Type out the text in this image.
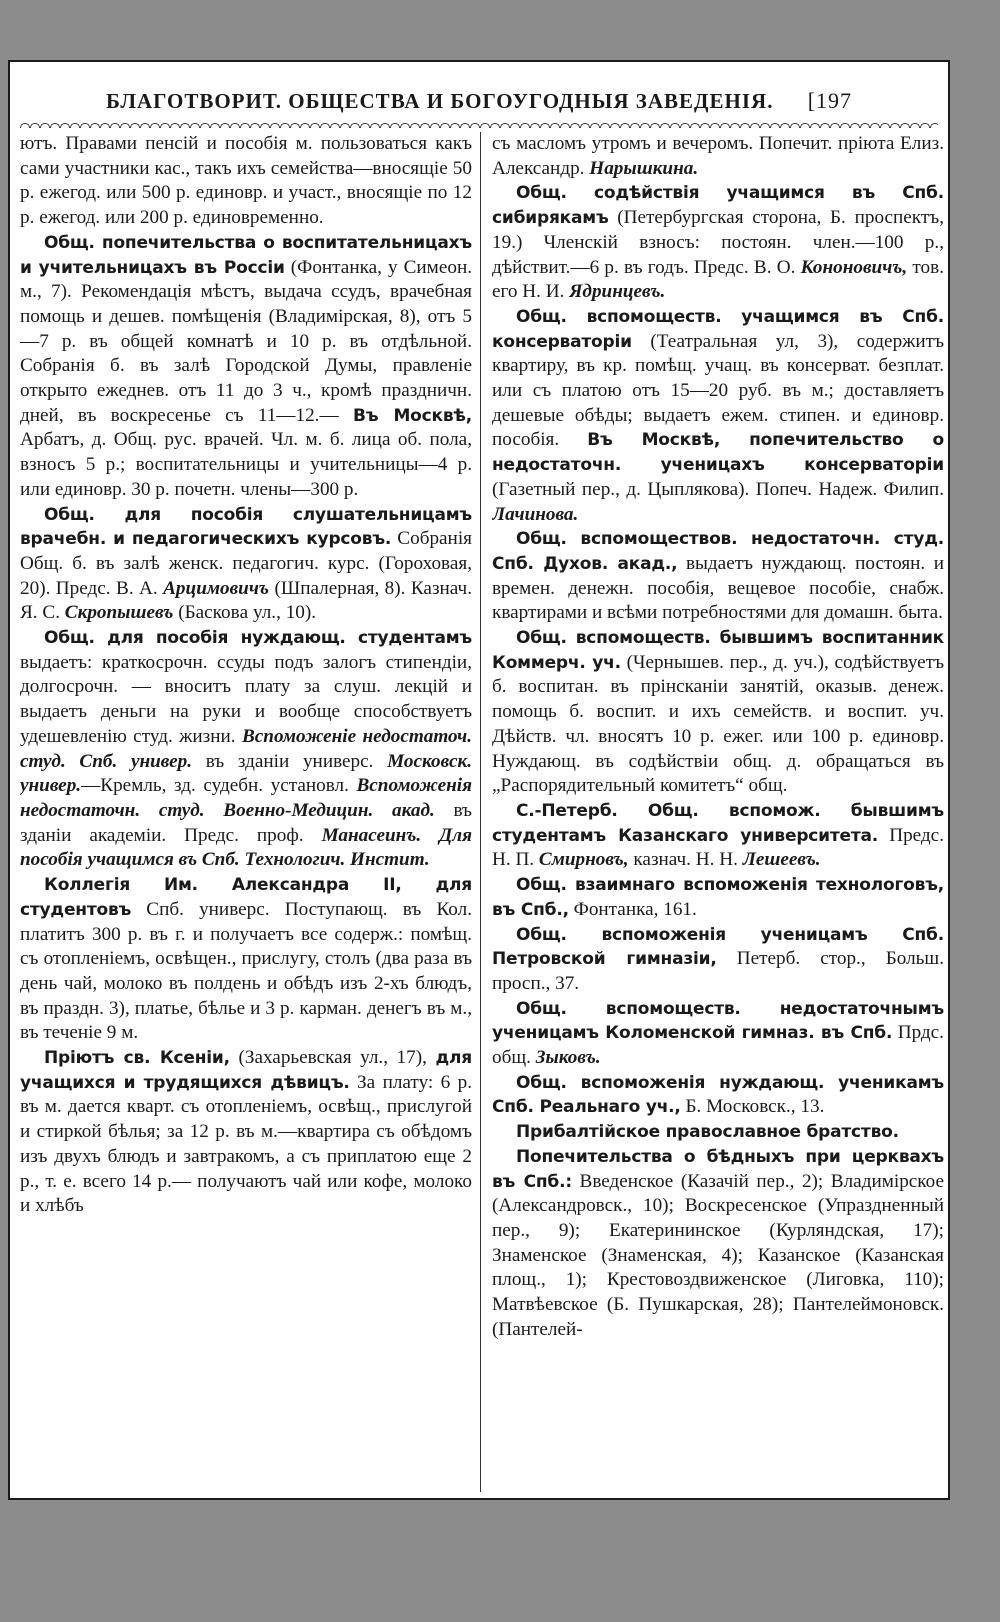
БЛАГОТВОРИТ. ОБЩЕСТВА И БОГОУГОДНЫЯ ЗАВЕДЕНІЯ. [197

ютъ. Правами пенсій и пособія м. пользоваться какъ сами участники кас., такъ ихъ семейства—вносящіе 50 р. ежегод. или 500 р. единовр. и участ., вносящіе по 12 р. ежегод. или 200 р. единовременно.

Общ. попечительства о воспитательницахъ и учительницахъ въ Россіи (Фонтанка, у Симеон. м., 7). Рекомендація мѣстъ, выдача ссудъ, врачебная помощь и дешев. помѣщенія (Владимірская, 8), отъ 5—7 р. въ общей комнатѣ и 10 р. въ отдѣльной. Собранія б. въ залѣ Городской Думы, правленіе открыто ежеднев. отъ 11 до 3 ч., кромѣ праздничн. дней, въ воскресенье съ 11—12.— Въ Москвѣ, Арбатъ, д. Общ. рус. врачей. Чл. м. б. лица об. пола, взносъ 5 р.; воспитательницы и учительницы—4 р. или единовр. 30 р. почетн. члены—300 р.

Общ. для пособія слушательницамъ врачебн. и педагогическихъ курсовъ. Собранія Общ. б. въ залѣ женск. педагогич. курс. (Гороховая, 20). Предс. В. А. Арцимовичъ (Шпалерная, 8). Казнач. Я. С. Скропышевъ (Басковa ул., 10).

Общ. для пособія нуждающ. студентамъ выдаетъ: краткосрочн. ссуды подъ залогъ стипендіи, долгосрочн. — вноситъ плату за слуш. лекцій и выдаетъ деньги на руки и вообще способствуетъ удешевленію студ. жизни. Вспоможеніе недостаточ. студ. Спб. универ. въ зданіи универс. Московск. универ.—Кремль, зд. судебн. установл. Вспоможенія недостаточн. студ. Военно-Медицин. акад. въ зданіи академіи. Предс. проф. Манасеинъ. Для пособія учащимся въ Спб. Технологич. Инстит.

Коллегія Им. Александра II, для студентовъ Спб. универс. Поступающ. въ Кол. платитъ 300 р. въ г. и получаетъ все содерж.: помѣщ. съ отопленіемъ, освѣщен., прислугу, столъ (два раза въ день чай, молоко въ полдень и обѣдъ изъ 2-хъ блюдъ, въ праздн. 3), платье, бѣлье и 3 р. карман. денегъ въ м., въ теченіе 9 м.

Пріютъ св. Ксеніи, (Захарьевская ул., 17), для учащихся и трудящихся дѣвицъ. За плату: 6 р. въ м. дается кварт. съ отопленіемъ, освѣщ., прислугой и стиркой бѣлья; за 12 р. въ м.—квартира съ обѣдомъ изъ двухъ блюдъ и завтракомъ, а съ приплатою еще 2 р., т. е. всего 14 р.— получаютъ чай или кофе, молоко и хлѣбъ

съ масломъ утромъ и вечеромъ. Попечит. пріюта Елиз. Александр. Нарышкина.

Общ. содѣйствія учащимся въ Спб. сибирякамъ (Петербургская сторона, Б. проспектъ, 19.) Членскій взносъ: постоян. член.—100 р., дѣйствит.—6 р. въ годъ. Предс. В. О. Кононовичъ, тов. его Н. И. Ядринцевъ.

Общ. вспомоществ. учащимся въ Спб. консерваторіи (Театральная ул, 3), содержитъ квартиру, въ кр. помѣщ. учащ. въ консерват. безплат. или съ платою отъ 15—20 руб. въ м.; доставляетъ дешевые обѣды; выдаетъ ежем. стипен. и единовр. пособія. Въ Москвѣ, попечительство о недостаточн. ученицахъ консерваторіи (Газетный пер., д. Цыплякова). Попеч. Надеж. Филип. Лачинова.

Общ. вспомоществов. недостаточн. студ. Спб. Духов. акад., выдаетъ нуждающ. постоян. и времен. денежн. пособія, вещевое пособіе, снабж. квартирами и всѣми потребностями для домашн. быта.

Общ. вспомоществ. бывшимъ воспитанник Коммерч. уч. (Чернышев. пер., д. уч.), содѣйствуетъ б. воспитан. въ прінсканіи занятій, оказыв. денеж. помощь б. воспит. и ихъ семейств. и воспит. уч. Дѣйств. чл. вносятъ 10 р. ежег. или 100 р. единовр. Нуждающ. въ содѣйствіи общ. д. обращаться въ „Распорядительный комитетъ“ общ.

С.-Петерб. Общ. вспомож. бывшимъ студентамъ Казанскаго университета. Предс. Н. П. Смирновъ, казнач. Н. Н. Лешеевъ.

Общ. взаимнаго вспоможенія технологовъ, въ Спб., Фонтанка, 161.

Общ. вспоможенія ученицамъ Спб. Петровской гимназіи, Петерб. стор., Больш. просп., 37.

Общ. вспомоществ. недостаточнымъ ученицамъ Коломенской гимназ. въ Спб. Прдс. общ. Зыковъ.

Общ. вспоможенія нуждающ. ученикамъ Спб. Реальнаго уч., Б. Московск., 13.

Прибалтійское православное братство.

Попечительства о бѣдныхъ при церквахъ въ Спб.: Введенское (Казачій пер., 2); Владимірское (Александровск., 10); Воскресенское (Упраздненный пер., 9); Екатерининское (Курляндская, 17); Знаменское (Знаменская, 4); Казанское (Казанская площ., 1); Крестовоздвиженское (Лиговка, 110); Матвѣевское (Б. Пушкарская, 28); Пантелеймоновск. (Пантелей-
